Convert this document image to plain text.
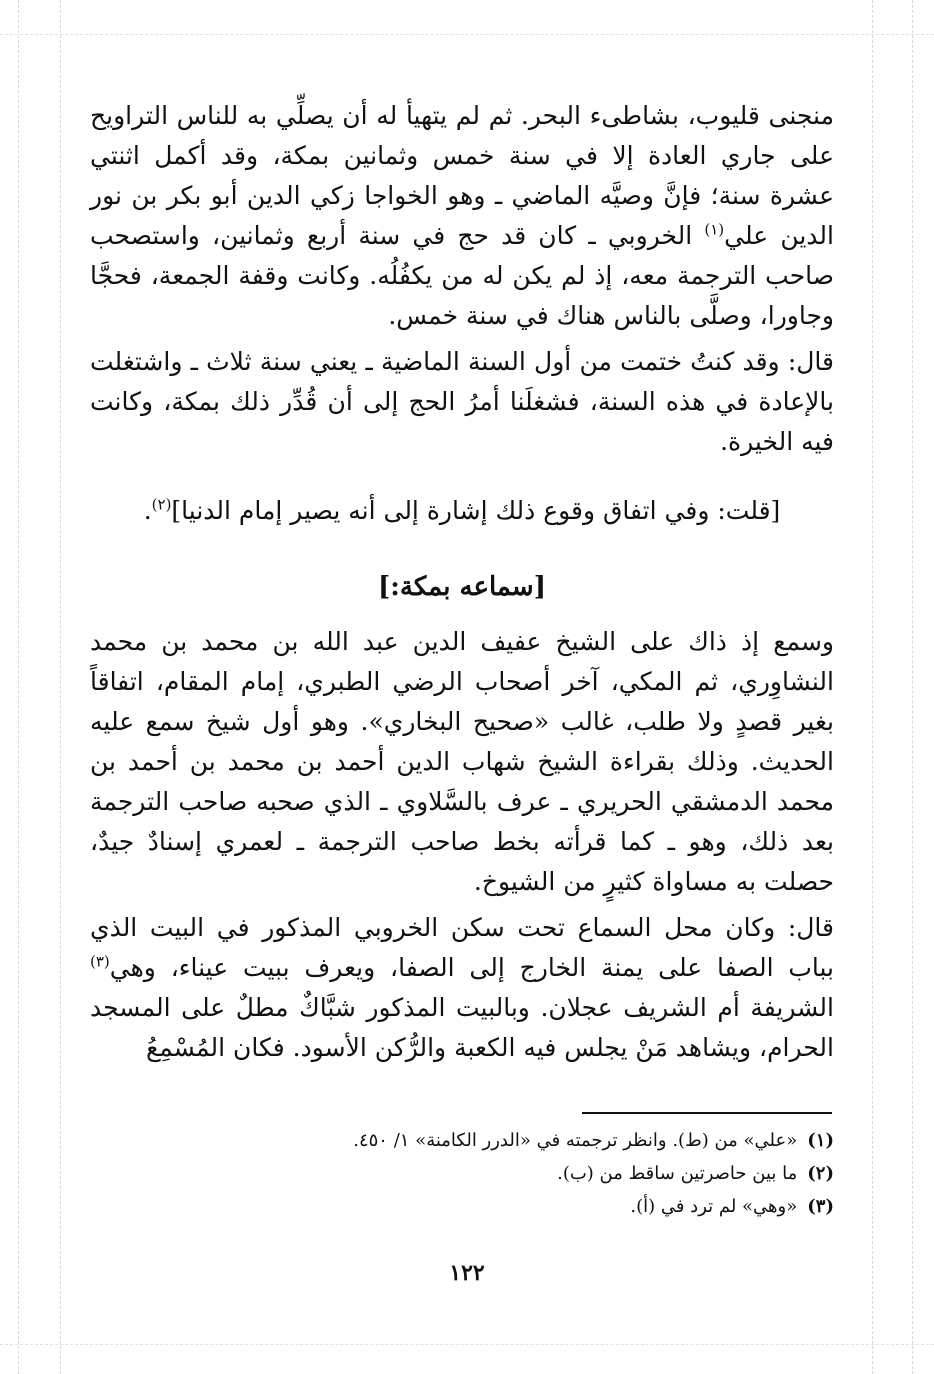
منجنى قليوب، بشاطىء البحر. ثم لم يتهيأ له أن يصلِّي به للناس التراويح على جاري العادة إلا في سنة خمس وثمانين بمكة، وقد أكمل اثنتي عشرة سنة؛ فإنَّ وصيَّه الماضي ـ وهو الخواجا زكي الدين أبو بكر بن نور الدين علي$^{(١)}$ الخروبي ـ كان قد حج في سنة أربع وثمانين، واستصحب صاحب الترجمة معه، إذ لم يكن له من يكفُلُه. وكانت وقفة الجمعة، فحجَّا وجاورا، وصلَّى بالناس هناك في سنة خمس.

قال: وقد كنتُ ختمت من أول السنة الماضية ـ يعني سنة ثلاث ـ واشتغلت بالإعادة في هذه السنة، فشغلَنا أمرُ الحج إلى أن قُدِّر ذلك بمكة، وكانت فيه الخيرة.

[قلت: وفي اتفاق وقوع ذلك إشارة إلى أنه يصير إمام الدنيا]$^{(٢)}$.
[سماعه بمكة:]

وسمع إذ ذاك على الشيخ عفيف الدين عبد الله بن محمد بن محمد النشاوِري، ثم المكي، آخر أصحاب الرضي الطبري، إمام المقام، اتفاقاً بغير قصدٍ ولا طلب، غالب «صحيح البخاري». وهو أول شيخ سمع عليه الحديث. وذلك بقراءة الشيخ شهاب الدين أحمد بن محمد بن أحمد بن محمد الدمشقي الحريري ـ عرف بالسَّلاوي ـ الذي صحبه صاحب الترجمة بعد ذلك، وهو ـ كما قرأته بخط صاحب الترجمة ـ لعمري إسنادٌ جيدٌ، حصلت به مساواة كثيرٍ من الشيوخ.

قال: وكان محل السماع تحت سكن الخروبي المذكور في البيت الذي بباب الصفا على يمنة الخارج إلى الصفا، ويعرف ببيت عيناء، وهي$^{(٣)}$ الشريفة أم الشريف عجلان. وبالبيت المذكور شبَّاكٌ مطلٌ على المسجد الحرام، ويشاهد مَنْ يجلس فيه الكعبة والرُّكن الأسود. فكان المُسْمِعُ

(١)«علي» من (ط). وانظر ترجمته في «الدرر الكامنة» ١/ ٤٥٠.
(٢)ما بين حاصرتين ساقط من (ب).
(٣)«وهي» لم ترد في (أ).
١٢٢
